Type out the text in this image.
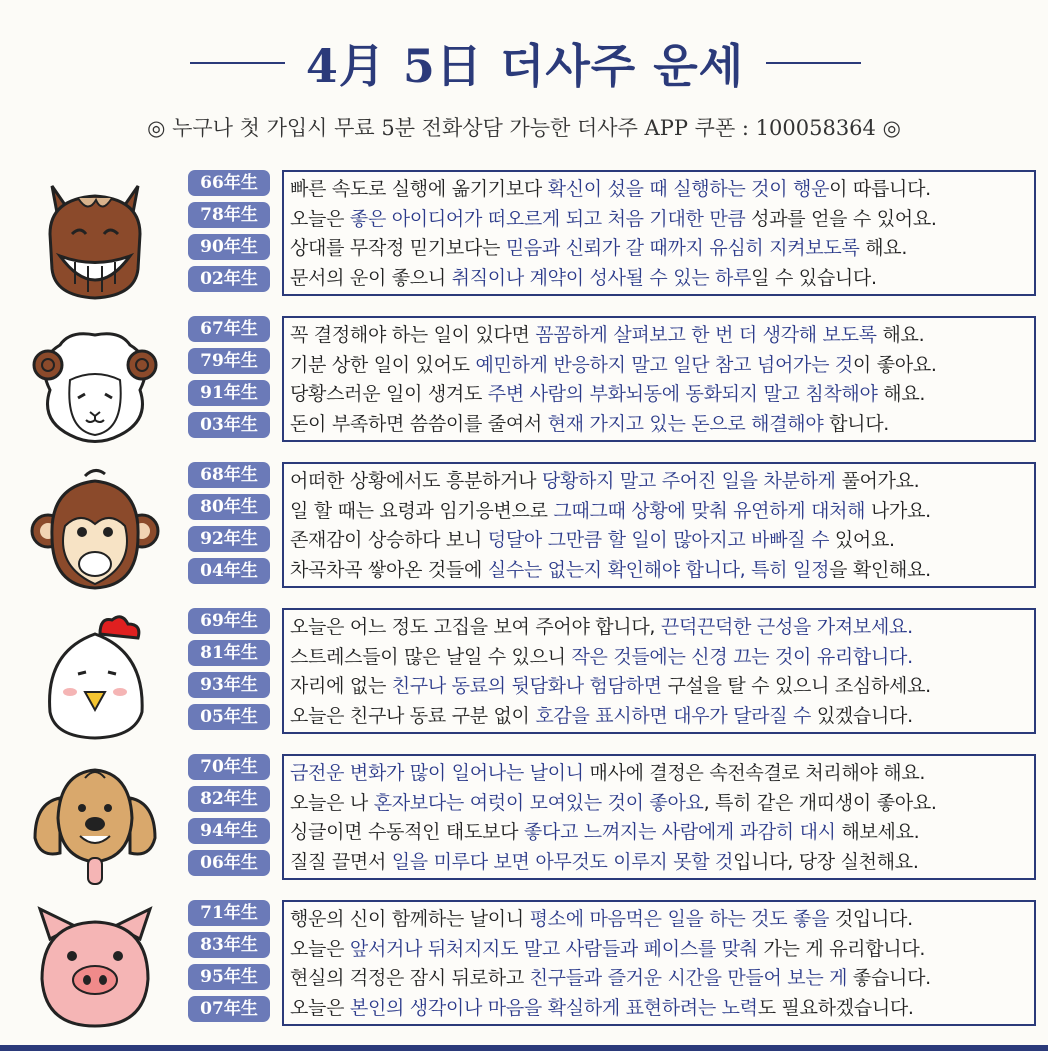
4月 5日 더사주 운세
◎ 누구나 첫 가입시 무료 5분 전화상담 가능한 더사주 APP 쿠폰 : 100058364 ◎
66年生
78年生
90年生
02年生
빠른 속도로 실행에 옮기기보다 확신이 섰을 때 실행하는 것이 행운이 따릅니다.
오늘은 좋은 아이디어가 떠오르게 되고 처음 기대한 만큼 성과를 얻을 수 있어요.
상대를 무작정 믿기보다는 믿음과 신뢰가 갈 때까지 유심히 지켜보도록 해요.
문서의 운이 좋으니 취직이나 계약이 성사될 수 있는 하루일 수 있습니다.
67年生
79年生
91年生
03年生
꼭 결정해야 하는 일이 있다면 꼼꼼하게 살펴보고 한 번 더 생각해 보도록 해요.
기분 상한 일이 있어도 예민하게 반응하지 말고 일단 참고 넘어가는 것이 좋아요.
당황스러운 일이 생겨도 주변 사람의 부화뇌동에 동화되지 말고 침착해야 해요.
돈이 부족하면 씀씀이를 줄여서 현재 가지고 있는 돈으로 해결해야 합니다.
68年生
80年生
92年生
04年生
어떠한 상황에서도 흥분하거나 당황하지 말고 주어진 일을 차분하게 풀어가요.
일 할 때는 요령과 임기응변으로 그때그때 상황에 맞춰 유연하게 대처해 나가요.
존재감이 상승하다 보니 덩달아 그만큼 할 일이 많아지고 바빠질 수 있어요.
차곡차곡 쌓아온 것들에 실수는 없는지 확인해야 합니다, 특히 일정을 확인해요.
69年生
81年生
93年生
05年生
오늘은 어느 정도 고집을 보여 주어야 합니다, 끈덕끈덕한 근성을 가져보세요.
스트레스들이 많은 날일 수 있으니 작은 것들에는 신경 끄는 것이 유리합니다.
자리에 없는 친구나 동료의 뒷담화나 험담하면 구설을 탈 수 있으니 조심하세요.
오늘은 친구나 동료 구분 없이 호감을 표시하면 대우가 달라질 수 있겠습니다.
70年生
82年生
94年生
06年生
금전운 변화가 많이 일어나는 날이니 매사에 결정은 속전속결로 처리해야 해요.
오늘은 나 혼자보다는 여럿이 모여있는 것이 좋아요, 특히 같은 개띠생이 좋아요.
싱글이면 수동적인 태도보다 좋다고 느껴지는 사람에게 과감히 대시 해보세요.
질질 끌면서 일을 미루다 보면 아무것도 이루지 못할 것입니다, 당장 실천해요.
71年生
83年生
95年生
07年生
행운의 신이 함께하는 날이니 평소에 마음먹은 일을 하는 것도 좋을 것입니다.
오늘은 앞서거나 뒤처지지도 말고 사람들과 페이스를 맞춰 가는 게 유리합니다.
현실의 걱정은 잠시 뒤로하고 친구들과 즐거운 시간을 만들어 보는 게 좋습니다.
오늘은 본인의 생각이나 마음을 확실하게 표현하려는 노력도 필요하겠습니다.
